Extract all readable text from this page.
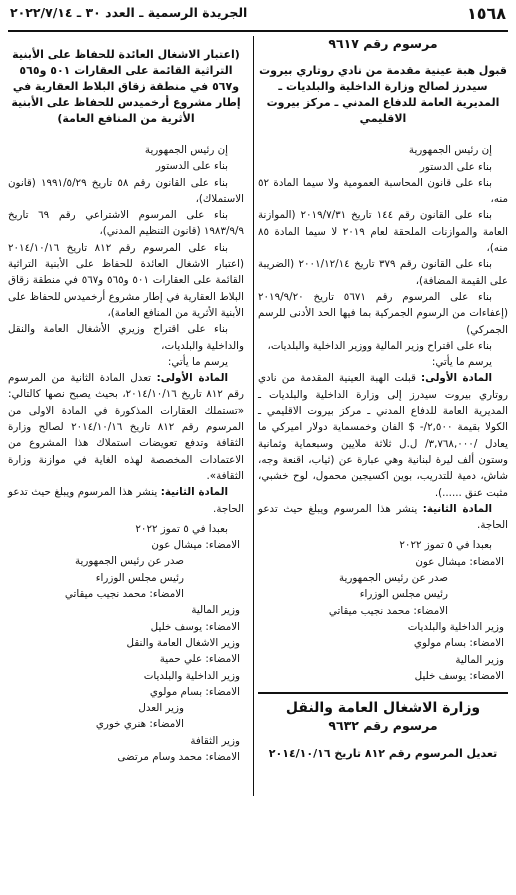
١٥٦٨
الجريدة الرسمية ـ العدد ٣٠ ـ ٢٠٢٢/٧/١٤

مرسوم رقم ٩٦١٧

قبول هبة عينية مقدمة من نادي روتاري بيروت سيدرز لصالح وزارة الداخلية والبلديات ـ المديرية العامة للدفاع المدني ـ مركز بيروت الاقليمي

إن رئيس الجمهورية

بناء على الدستور

بناء على قانون المحاسبة العمومية ولا سيما المادة ٥٢ منه،

بناء على القانون رقم ١٤٤ تاريخ ٢٠١٩/٧/٣١ (الموازنة العامة والموازنات الملحقة لعام ٢٠١٩ لا سيما المادة ٨٥ منه)،

بناء على القانون رقم ٣٧٩ تاريخ ٢٠٠١/١٢/١٤ (الضريبة على القيمة المضافة)،

بناء على المرسوم رقم ٥٦٧١ تاريخ ٢٠١٩/٩/٢٠ (إعفاءات من الرسوم الجمركية بما فيها الحد الأدنى للرسم الجمركي)

بناء على اقتراح وزير المالية ووزير الداخلية والبلديات،

يرسم ما يأتي:

المادة الأولى: قبلت الهبة العينية المقدمة من نادي روتاري بيروت سيدرز إلى وزارة الداخلية والبلديات ـ المديرية العامة للدفاع المدني ـ مركز بيروت الاقليمي ـ الكولا بقيمة ٢,٥٠٠/- $ الفان وخمسماية دولار اميركي ما يعادل /٣,٧٦٨,٠٠٠/ ل.ل ثلاثة ملايين وسبعماية وثمانية وستون ألف ليرة لبنانية وهي عبارة عن (ثياب، اقنعة وجه، شاش، دمية للتدريب، بوين اكسيجين محمول، لوح خشبي، مثبت عنق ......).

المادة الثانية: ينشر هذا المرسوم ويبلغ حيث تدعو الحاجة.

بعبدا في ٥ تموز ٢٠٢٢

الامضاء: ميشال عون

صدر عن رئيس الجمهورية

رئيس مجلس الوزراء

الامضاء: محمد نجيب ميقاتي

وزير الداخلية والبلديات

الامضاء: بسام مولوي

وزير المالية

الامضاء: يوسف خليل

وزارة الاشغال العامة والنقل

مرسوم رقم ٩٦٣٢

تعديل المرسوم رقم ٨١٢ تاريخ ٢٠١٤/١٠/١٦

(اعتبار الاشغال العائدة للحفاظ على الأبنية التراثية القائمة على العقارات ٥٠١ و٥٦٥ و٥٦٧ في منطقة زقاق البلاط العقارية في إطار مشروع أرخميدس للحفاظ على الأبنية الأثرية من المنافع العامة)

إن رئيس الجمهورية

بناء على الدستور

بناء على القانون رقم ٥٨ تاريخ ١٩٩١/٥/٢٩ (قانون الاستملاك)،

بناء على المرسوم الاشتراعي رقم ٦٩ تاريخ ١٩٨٣/٩/٩ (قانون التنظيم المدني)،

بناء على المرسوم رقم ٨١٢ تاريخ ٢٠١٤/١٠/١٦ (اعتبار الاشغال العائدة للحفاظ على الأبنية التراثية القائمة على العقارات ٥٠١ و٥٦٥ و٥٦٧ في منطقة زقاق البلاط العقارية في إطار مشروع أرخميدس للحفاظ على الأبنية الأثرية من المنافع العامة)،

بناء على اقتراح وزيري الأشغال العامة والنقل والداخلية والبلديات،

يرسم ما يأتي:

المادة الأولى: تعدل المادة الثانية من المرسوم رقم ٨١٢ تاريخ ٢٠١٤/١٠/١٦، بحيث يصبح نصها كالتالي: «تستملك العقارات المذكورة في المادة الاولى من المرسوم رقم ٨١٢ تاريخ ٢٠١٤/١٠/١٦ لصالح وزارة الثقافة وتدفع تعويضات استملاك هذا المشروع من الاعتمادات المخصصة لهذه الغاية في موازنة وزارة الثقافة».

المادة الثانية: ينشر هذا المرسوم ويبلغ حيث تدعو الحاجة.

بعبدا في ٥ تموز ٢٠٢٢

الامضاء: ميشال عون

صدر عن رئيس الجمهورية

رئيس مجلس الوزراء

الامضاء: محمد نجيب ميقاتي

وزير المالية

الامضاء: يوسف خليل

وزير الاشغال العامة والنقل

الامضاء: علي حمية

وزير الداخلية والبلديات

الامضاء: بسام مولوي

وزير العدل

الامضاء: هنري خوري

وزير الثقافة

الامضاء: محمد وسام مرتضى
